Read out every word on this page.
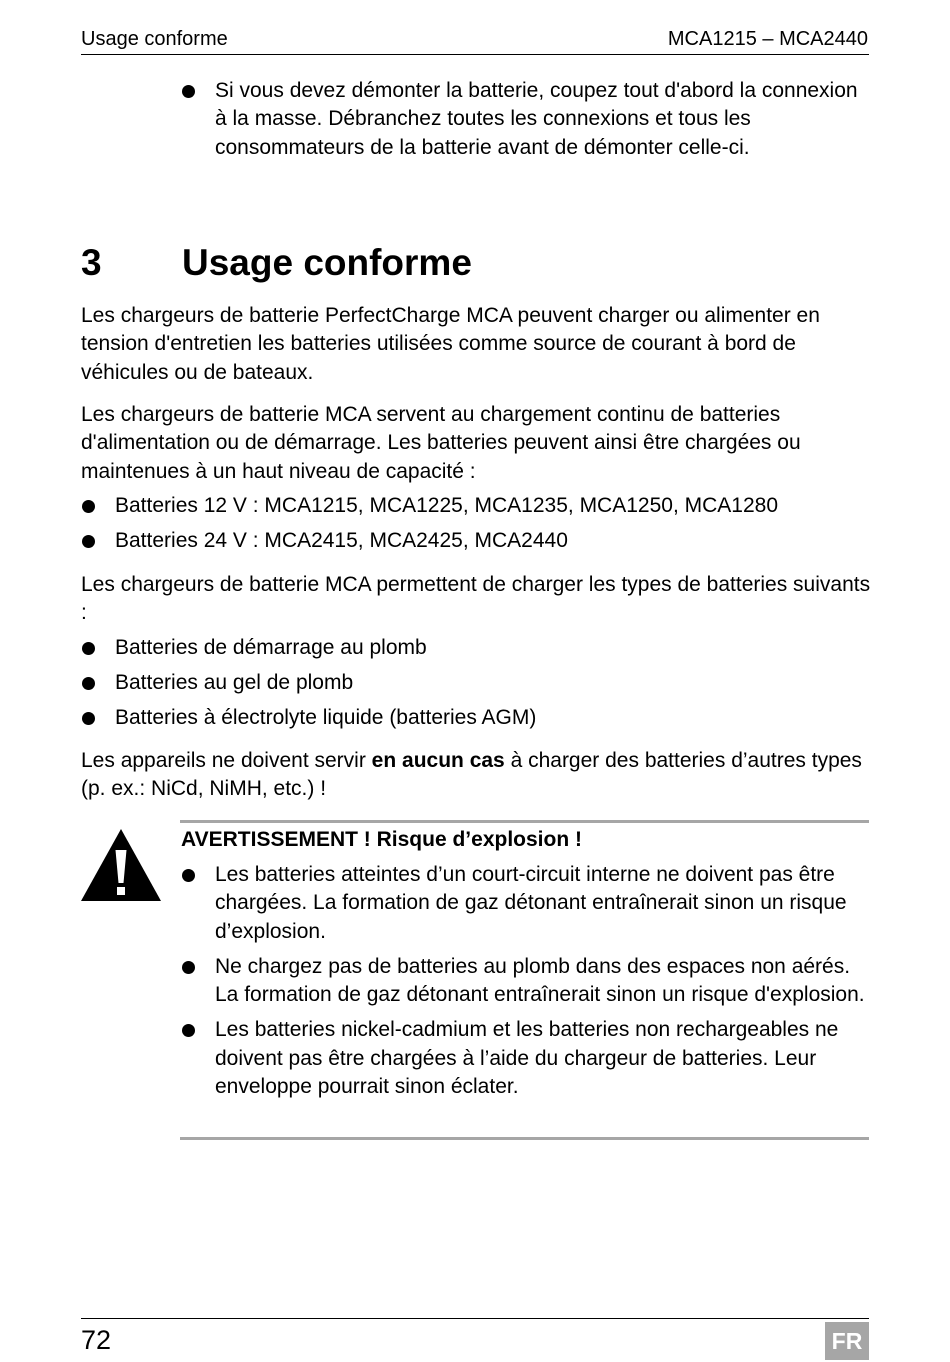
Usage conforme	MCA1215 – MCA2440
Si vous devez démonter la batterie, coupez tout d'abord la connexion à la masse. Débranchez toutes les connexions et tous les consommateurs de la batterie avant de démonter celle-ci.
3 Usage conforme

Les chargeurs de batterie PerfectCharge MCA peuvent charger ou alimenter en tension d'entretien les batteries utilisées comme source de courant à bord de véhicules ou de bateaux.

Les chargeurs de batterie MCA servent au chargement continu de batteries d'alimentation ou de démarrage. Les batteries peuvent ainsi être chargées ou maintenues à un haut niveau de capacité :

Batteries 12 V : MCA1215, MCA1225, MCA1235, MCA1250, MCA1280
Batteries 24 V : MCA2415, MCA2425, MCA2440

Les chargeurs de batterie MCA permettent de charger les types de batteries suivants :

Batteries de démarrage au plomb
Batteries au gel de plomb
Batteries à électrolyte liquide (batteries AGM)

Les appareils ne doivent servir en aucun cas à charger des batteries d’autres types (p. ex.: NiCd, NiMH, etc.) !

AVERTISSEMENT ! Risque d’explosion !
Les batteries atteintes d’un court-circuit interne ne doivent pas être chargées. La formation de gaz détonant entraînerait sinon un risque d’explosion.
Ne chargez pas de batteries au plomb dans des espaces non aérés. La formation de gaz détonant entraînerait sinon un risque d'explosion.
Les batteries nickel-cadmium et les batteries non rechargeables ne doivent pas être chargées à l’aide du chargeur de batteries. Leur enveloppe pourrait sinon éclater.
72	FR
